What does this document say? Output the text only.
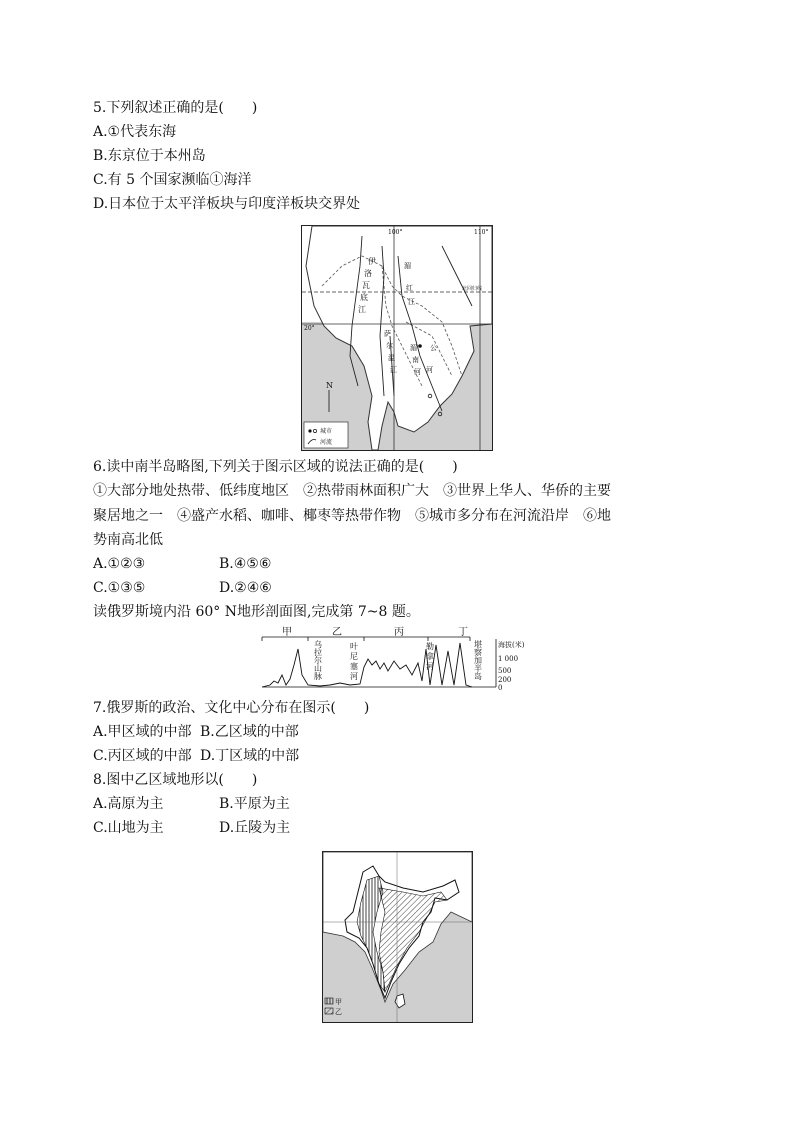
5.下列叙述正确的是(　　)
A.①代表东海
B.东京位于本州岛
C.有 5 个国家濒临①海洋
D.日本位于太平洋板块与印度洋板块交界处
100°	110°
20°
北回归线
伊
洛
瓦
底
江
湄
公
河
红
江
萨
尔
温
江
湄
南
河
N
城市
河流
6.读中南半岛略图,下列关于图示区域的说法正确的是(　　)
①大部分地处热带、低纬度地区　②热带雨林面积广大　③世界上华人、华侨的主要
聚居地之一　④盛产水稻、咖啡、椰枣等热带作物　⑤城市多分布在河流沿岸　⑥地
势南高北低
A.①②③	B.④⑤⑥
C.①③⑤	D.②④⑥
读俄罗斯境内沿 60° N地形剖面图,完成第 7~8 题。
甲	乙	丙	丁
乌
拉
尔
山
脉
叶
尼
塞
河
勒
拿
河
堪
察
加
半
岛
海拔(米)
1 000
500
200
0
7.俄罗斯的政治、文化中心分布在图示(　　)
A.甲区域的中部 B.乙区域的中部
C.丙区域的中部 D.丁区域的中部
8.图中乙区域地形以(　　)
A.高原为主	B.平原为主
C.山地为主	D.丘陵为主
甲
乙
